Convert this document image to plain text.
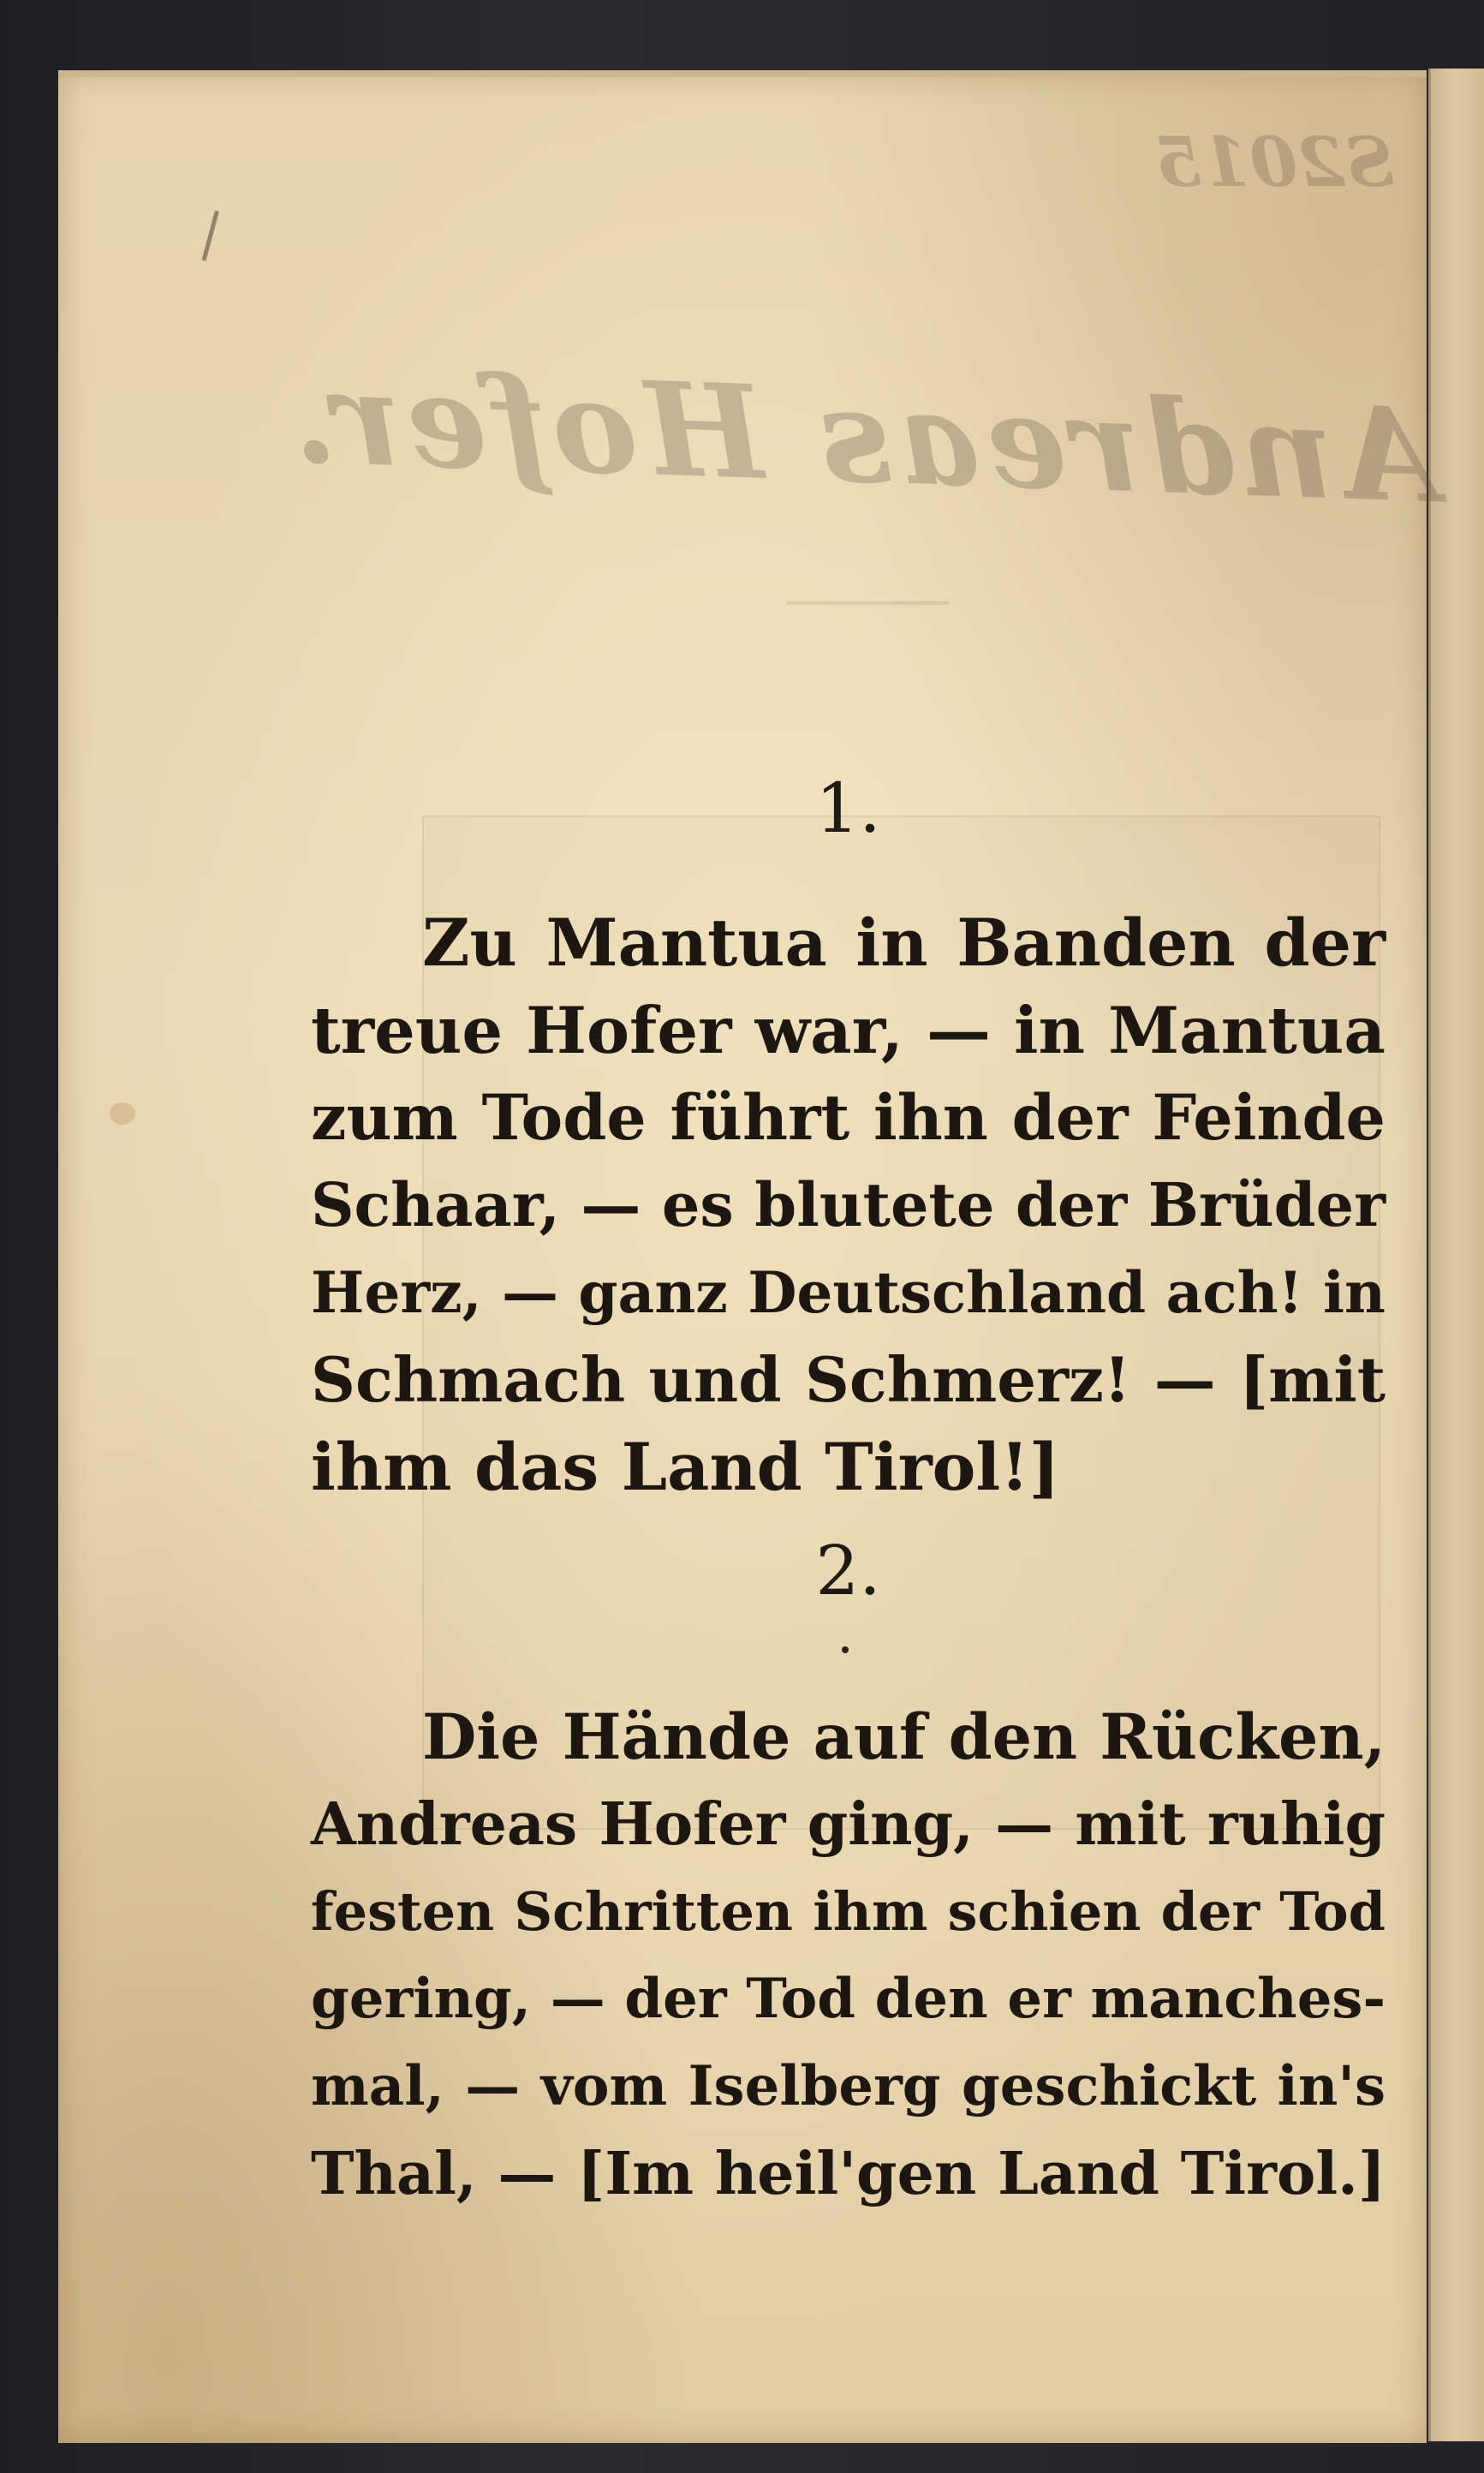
S2015
Andreas Hofer.
1.
Zu Mantua in Banden der
treue Hofer war, — in Mantua
zum Tode führt ihn der Feinde
Schaar, — es blutete der Brüder
Herz, — ganz Deutschland ach! in
Schmach und Schmerz! — [mit
ihm das Land Tirol!]
2.
Die Hände auf den Rücken,
Andreas Hofer ging, — mit ruhig
festen Schritten ihm schien der Tod
gering, — der Tod den er manches-
mal, — vom Iselberg geschickt in's
Thal, — [Im heil'gen Land Tirol.]
